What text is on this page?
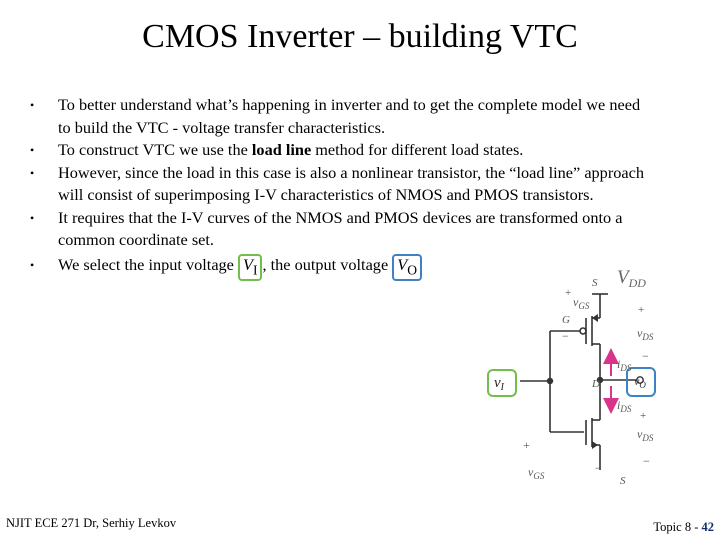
CMOS Inverter – building VTC
• To better understand what’s happening in inverter and to get the complete model we need to build the VTC - voltage transfer characteristics.
• To construct VTC we use the load line method for different load states.
• However, since the load in this case is also a nonlinear transistor, the “load line” approach will consist of superimposing I-V characteristics of NMOS and PMOS transistors.
• It requires that the I-V curves of the NMOS and PMOS devices are transformed onto a common coordinate set.
• We select the input voltage $V_I$ , the output voltage $V_O$	$V_{DD}$
S
+
$v_{GS}$
G
−
+
$v_{DS}$
−
$i_{DS}$
D	$v_O$
$v_I$
$i_{DS}$
+
$v_{DS}$
−
+
$v_{GS}$
−
S
NJIT ECE 271 Dr, Serhiy Levkov	Topic 8 - 42
